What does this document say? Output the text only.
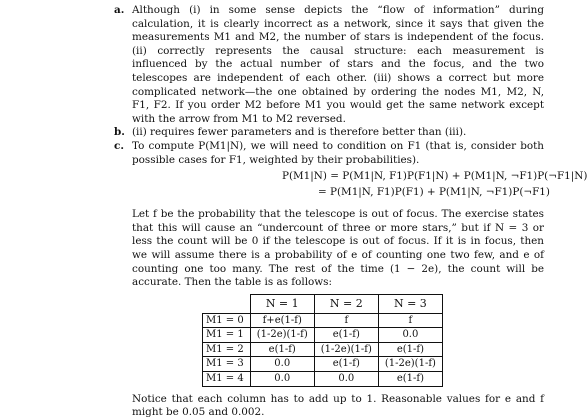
a. Although (i) in some sense depicts the “flow of information” during calculation, it is clearly incorrect as a network, since it says that given the measurements M1 and M2, the number of stars is independent of the focus. (ii) correctly represents the causal structure: each measurement is influenced by the actual number of stars and the focus, and the two telescopes are independent of each other. (iii) shows a correct but more complicated network—the one obtained by ordering the nodes M1, M2, N, F1, F2. If you order M2 before M1 you would get the same network except with the arrow from M1 to M2 reversed.

b. (ii) requires fewer parameters and is therefore better than (iii).

c. To compute P(M1|N), we will need to condition on F1 (that is, consider both possible cases for F1, weighted by their probabilities).

P(M1|N) = P(M1|N, F1)P(F1|N) + P(M1|N, ¬F1)P(¬F1|N)
= P(M1|N, F1)P(F1) + P(M1|N, ¬F1)P(¬F1)

Let f be the probability that the telescope is out of focus. The exercise states that this will cause an “undercount of three or more stars,” but if N = 3 or less the count will be 0 if the telescope is out of focus. If it is in focus, then we will assume there is a probability of e of counting one two few, and e of counting one too many. The rest of the time (1 − 2e), the count will be accurate. Then the table is as follows:

	N = 1	N = 2	N = 3
M1 = 0	f+e(1-f)	f	f
M1 = 1	(1-2e)(1-f)	e(1-f)	0.0
M1 = 2	e(1-f)	(1-2e)(1-f)	e(1-f)
M1 = 3	0.0	e(1-f)	(1-2e)(1-f)
M1 = 4	0.0	0.0	e(1-f)

Notice that each column has to add up to 1. Reasonable values for e and f might be 0.05 and 0.002.
